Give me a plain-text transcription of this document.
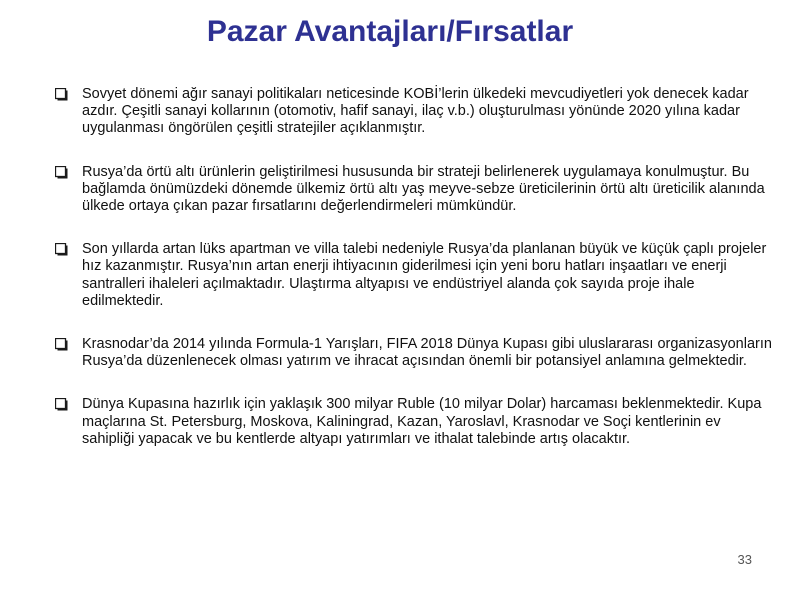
Pazar Avantajları/Fırsatlar
Sovyet dönemi ağır sanayi politikaları neticesinde KOBİ’lerin ülkedeki mevcudiyetleri yok denecek kadar azdır. Çeşitli sanayi kollarının (otomotiv, hafif sanayi, ilaç v.b.) oluşturulması yönünde 2020 yılına kadar uygulanması öngörülen çeşitli stratejiler açıklanmıştır.
Rusya’da örtü altı ürünlerin geliştirilmesi hususunda bir strateji belirlenerek uygulamaya konulmuştur. Bu bağlamda önümüzdeki dönemde ülkemiz örtü altı yaş meyve-sebze üreticilerinin örtü altı üreticilik alanında ülkede ortaya çıkan pazar fırsatlarını değerlendirmeleri mümkündür.
Son yıllarda artan lüks apartman ve villa talebi nedeniyle Rusya’da planlanan büyük ve küçük çaplı projeler hız kazanmıştır. Rusya’nın artan enerji ihtiyacının giderilmesi için yeni boru hatları inşaatları ve enerji santralleri ihaleleri açılmaktadır. Ulaştırma altyapısı ve endüstriyel alanda çok sayıda proje ihale edilmektedir.
Krasnodar’da 2014 yılında Formula-1 Yarışları, FIFA 2018 Dünya Kupası gibi uluslararası organizasyonların Rusya’da düzenlenecek olması yatırım ve ihracat açısından önemli bir potansiyel anlamına gelmektedir.
Dünya Kupasına hazırlık için yaklaşık 300 milyar Ruble (10 milyar Dolar) harcaması beklenmektedir. Kupa maçlarına St. Petersburg, Moskova, Kaliningrad, Kazan, Yaroslavl, Krasnodar ve Soçi kentlerinin ev sahipliği yapacak ve bu kentlerde altyapı yatırımları ve ithalat talebinde artış olacaktır.
33
